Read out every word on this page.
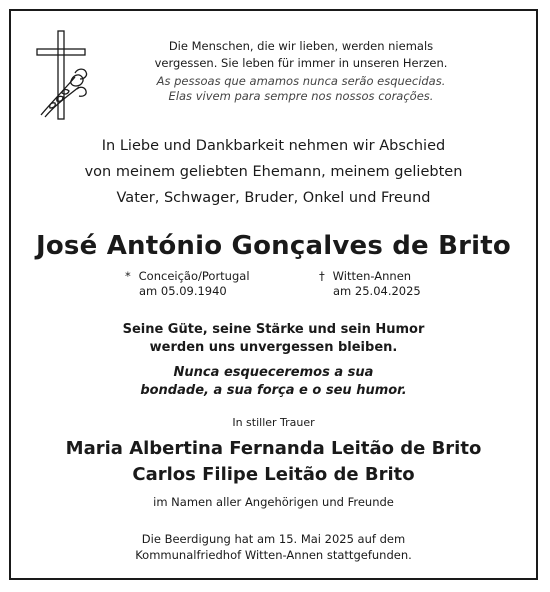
Die Menschen, die wir lieben, werden niemals
vergessen. Sie leben für immer in unseren Herzen.
As pessoas que amamos nunca serão esquecidas.
Elas vivem para sempre nos nossos corações.
In Liebe und Dankbarkeit nehmen wir Abschied
von meinem geliebten Ehemann, meinem geliebten
Vater, Schwager, Bruder, Onkel und Freund
José António Gonçalves de Brito
* Conceição/Portugal
am 05.09.1940
† Witten-Annen
am 25.04.2025
Seine Güte, seine Stärke und sein Humor
werden uns unvergessen bleiben.
Nunca esqueceremos a sua
bondade, a sua força e o seu humor.
In stiller Trauer
Maria Albertina Fernanda Leitão de Brito
Carlos Filipe Leitão de Brito
im Namen aller Angehörigen und Freunde
Die Beerdigung hat am 15. Mai 2025 auf dem
Kommunalfriedhof Witten-Annen stattgefunden.
